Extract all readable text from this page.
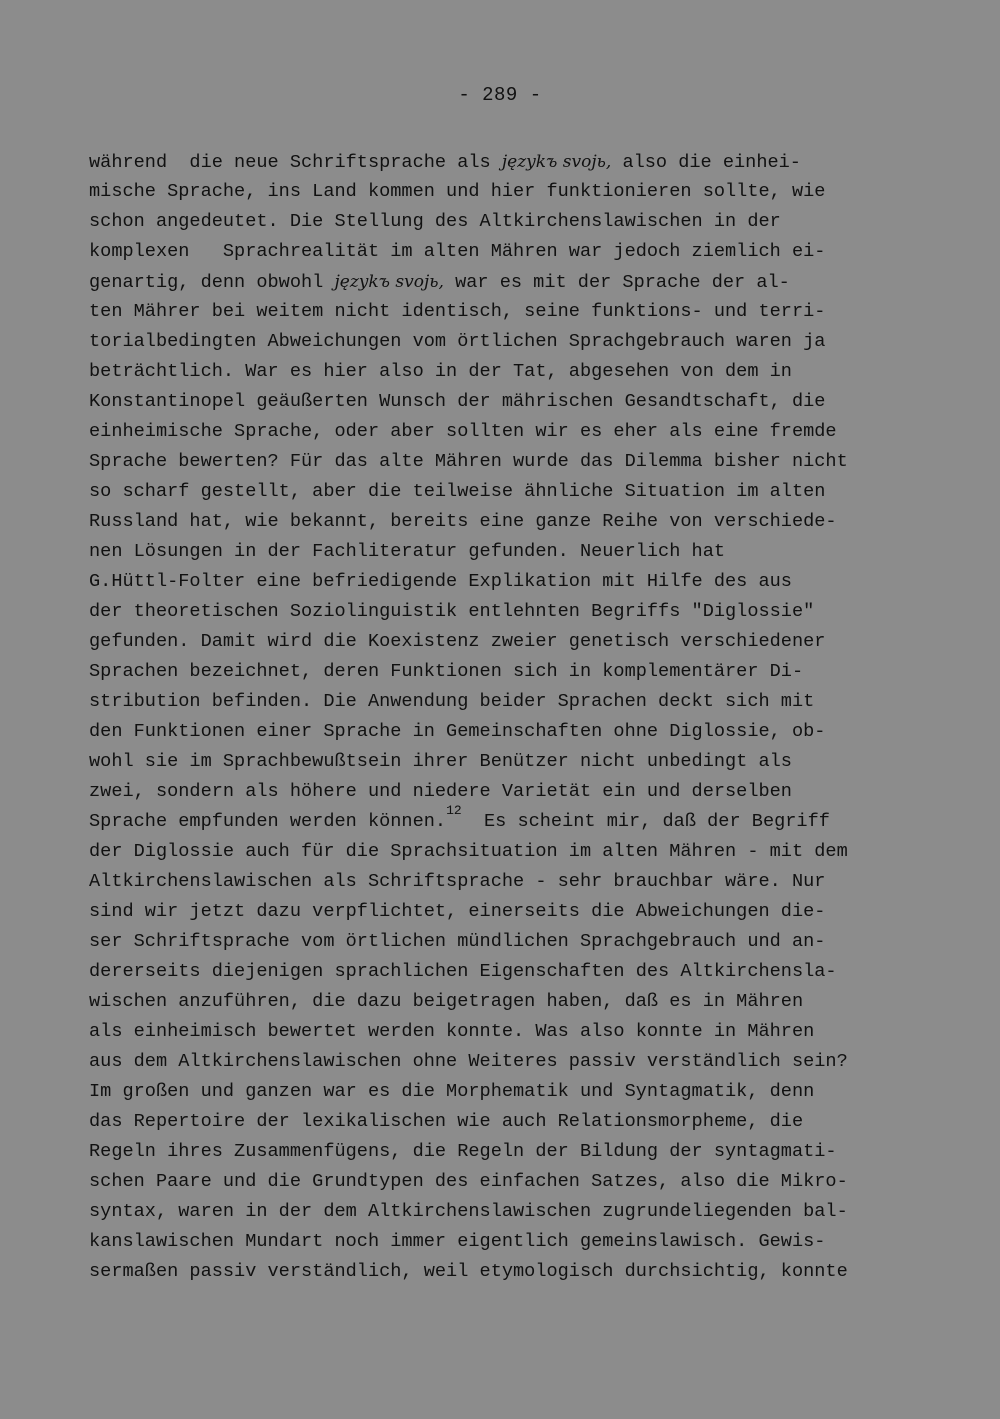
- 289 -
während  die neue Schriftsprache als językъ svojь, also die einhei-
mische Sprache, ins Land kommen und hier funktionieren sollte, wie
schon angedeutet. Die Stellung des Altkirchenslawischen in der
komplexen   Sprachrealität im alten Mähren war jedoch ziemlich ei-
genartig, denn obwohl językъ svojь, war es mit der Sprache der al-
ten Mährer bei weitem nicht identisch, seine funktions- und terri-
torialbedingten Abweichungen vom örtlichen Sprachgebrauch waren ja
beträchtlich. War es hier also in der Tat, abgesehen von dem in
Konstantinopel geäußerten Wunsch der mährischen Gesandtschaft, die
einheimische Sprache, oder aber sollten wir es eher als eine fremde
Sprache bewerten? Für das alte Mähren wurde das Dilemma bisher nicht
so scharf gestellt, aber die teilweise ähnliche Situation im alten
Russland hat, wie bekannt, bereits eine ganze Reihe von verschiede-
nen Lösungen in der Fachliteratur gefunden. Neuerlich hat
G.Hüttl-Folter eine befriedigende Explikation mit Hilfe des aus
der theoretischen Soziolinguistik entlehnten Begriffs "Diglossie"
gefunden. Damit wird die Koexistenz zweier genetisch verschiedener
Sprachen bezeichnet, deren Funktionen sich in komplementärer Di-
stribution befinden. Die Anwendung beider Sprachen deckt sich mit
den Funktionen einer Sprache in Gemeinschaften ohne Diglossie, ob-
wohl sie im Sprachbewußtsein ihrer Benützer nicht unbedingt als
zwei, sondern als höhere und niedere Varietät ein und derselben
Sprache empfunden werden können.$^{12}$  Es scheint mir, daß der Begriff
der Diglossie auch für die Sprachsituation im alten Mähren - mit dem
Altkirchenslawischen als Schriftsprache - sehr brauchbar wäre. Nur
sind wir jetzt dazu verpflichtet, einerseits die Abweichungen die-
ser Schriftsprache vom örtlichen mündlichen Sprachgebrauch und an-
dererseits diejenigen sprachlichen Eigenschaften des Altkirchensla-
wischen anzuführen, die dazu beigetragen haben, daß es in Mähren
als einheimisch bewertet werden konnte. Was also konnte in Mähren
aus dem Altkirchenslawischen ohne Weiteres passiv verständlich sein?
Im großen und ganzen war es die Morphematik und Syntagmatik, denn
das Repertoire der lexikalischen wie auch Relationsmorpheme, die
Regeln ihres Zusammenfügens, die Regeln der Bildung der syntagmati-
schen Paare und die Grundtypen des einfachen Satzes, also die Mikro-
syntax, waren in der dem Altkirchenslawischen zugrundeliegenden bal-
kanslawischen Mundart noch immer eigentlich gemeinslawisch. Gewis-
sermaßen passiv verständlich, weil etymologisch durchsichtig, konnte
